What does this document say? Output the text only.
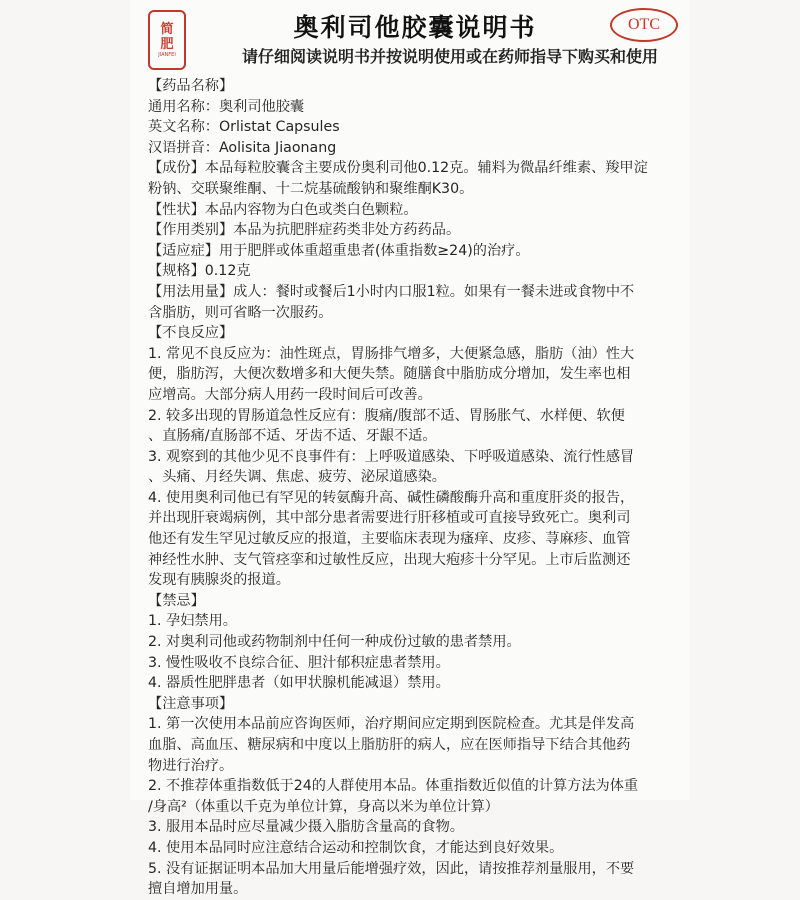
简
肥
JIANFEI
OTC
奥利司他胶囊说明书
请仔细阅读说明书并按说明使用或在药师指导下购买和使用
【药品名称】
通用名称：奥利司他胶囊
英文名称：Orlistat Capsules
汉语拼音：Aolisita Jiaonang
【成份】本品每粒胶囊含主要成份奥利司他0.12克。辅料为微晶纤维素、羧甲淀
粉钠、交联聚维酮、十二烷基硫酸钠和聚维酮K30。
【性状】本品内容物为白色或类白色颗粒。
【作用类别】本品为抗肥胖症药类非处方药药品。
【适应症】用于肥胖或体重超重患者(体重指数≥24)的治疗。
【规格】0.12克
【用法用量】成人：餐时或餐后1小时内口服1粒。如果有一餐未进或食物中不
含脂肪，则可省略一次服药。
【不良反应】
1. 常见不良反应为：油性斑点，胃肠排气增多，大便紧急感，脂肪（油）性大
便，脂肪泻，大便次数增多和大便失禁。随膳食中脂肪成分增加，发生率也相
应增高。大部分病人用药一段时间后可改善。
2. 较多出现的胃肠道急性反应有：腹痛/腹部不适、胃肠胀气、水样便、软便
、直肠痛/直肠部不适、牙齿不适、牙龈不适。
3. 观察到的其他少见不良事件有：上呼吸道感染、下呼吸道感染、流行性感冒
、头痛、月经失调、焦虑、疲劳、泌尿道感染。
4. 使用奥利司他已有罕见的转氨酶升高、碱性磷酸酶升高和重度肝炎的报告，
并出现肝衰竭病例，其中部分患者需要进行肝移植或可直接导致死亡。奥利司
他还有发生罕见过敏反应的报道，主要临床表现为瘙痒、皮疹、荨麻疹、血管
神经性水肿、支气管痉挛和过敏性反应，出现大疱疹十分罕见。上市后监测还
发现有胰腺炎的报道。
【禁忌】
1. 孕妇禁用。
2. 对奥利司他或药物制剂中任何一种成份过敏的患者禁用。
3. 慢性吸收不良综合征、胆汁郁积症患者禁用。
4. 器质性肥胖患者（如甲状腺机能减退）禁用。
【注意事项】
1. 第一次使用本品前应咨询医师，治疗期间应定期到医院检查。尤其是伴发高
血脂、高血压、糖尿病和中度以上脂肪肝的病人，应在医师指导下结合其他药
物进行治疗。
2. 不推荐体重指数低于24的人群使用本品。体重指数近似值的计算方法为体重
/身高²（体重以千克为单位计算，身高以米为单位计算）
3. 服用本品时应尽量减少摄入脂肪含量高的食物。
4. 使用本品同时应注意结合运动和控制饮食，才能达到良好效果。
5. 没有证据证明本品加大用量后能增强疗效，因此，请按推荐剂量服用，不要
擅自增加用量。
